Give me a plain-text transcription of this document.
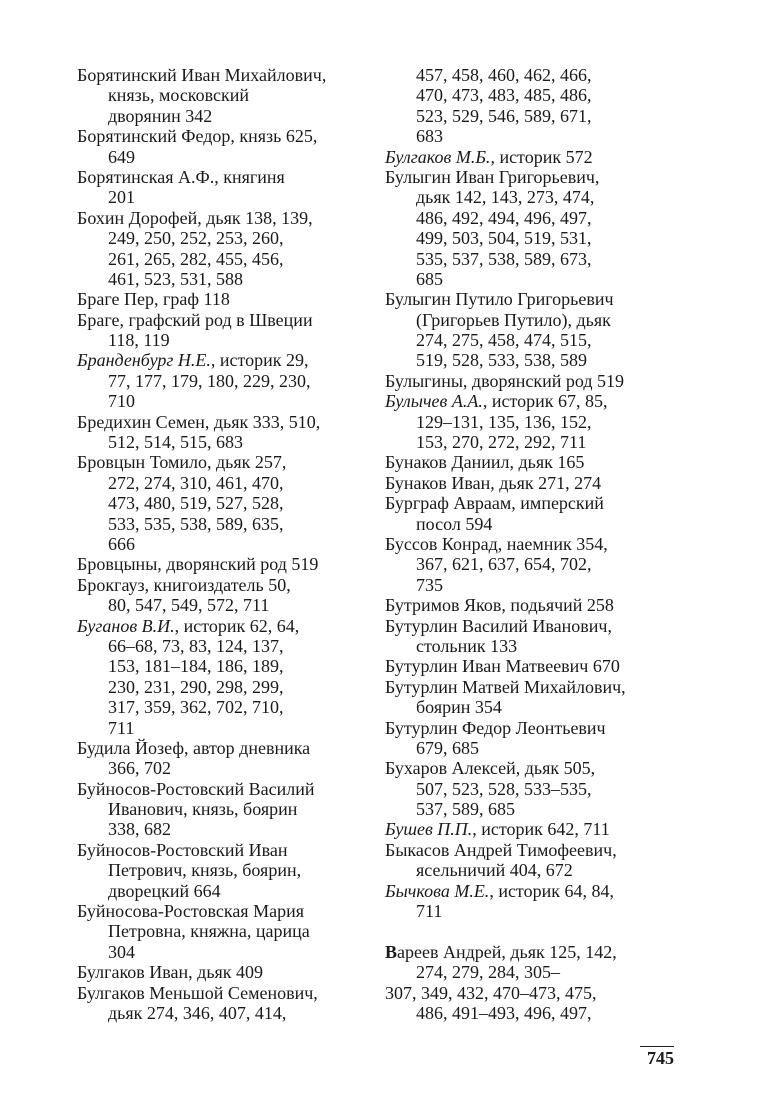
Борятинский Иван Михайлович,
князь, московский
дворянин 342
Борятинский Федор, князь 625,
649
Борятинская А.Ф., княгиня
201
Бохин Дорофей, дьяк 138, 139,
249, 250, 252, 253, 260,
261, 265, 282, 455, 456,
461, 523, 531, 588
Браге Пер, граф 118
Браге, графский род в Швеции
118, 119
Бранденбург Н.Е., историк 29,
77, 177, 179, 180, 229, 230,
710
Бредихин Семен, дьяк 333, 510,
512, 514, 515, 683
Бровцын Томило, дьяк 257,
272, 274, 310, 461, 470,
473, 480, 519, 527, 528,
533, 535, 538, 589, 635,
666
Бровцыны, дворянский род 519
Брокгауз, книгоиздатель 50,
80, 547, 549, 572, 711
Буганов В.И., историк 62, 64,
66–68, 73, 83, 124, 137,
153, 181–184, 186, 189,
230, 231, 290, 298, 299,
317, 359, 362, 702, 710,
711
Будила Йозеф, автор дневника
366, 702
Буйносов-Ростовский Василий
Иванович, князь, боярин
338, 682
Буйносов-Ростовский Иван
Петрович, князь, боярин,
дворецкий 664
Буйносова-Ростовская Мария
Петровна, княжна, царица
304
Булгаков Иван, дьяк 409
Булгаков Меньшой Семенович,
дьяк 274, 346, 407, 414,
457, 458, 460, 462, 466,
470, 473, 483, 485, 486,
523, 529, 546, 589, 671,
683
Булгаков М.Б., историк 572
Булыгин Иван Григорьевич,
дьяк 142, 143, 273, 474,
486, 492, 494, 496, 497,
499, 503, 504, 519, 531,
535, 537, 538, 589, 673,
685
Булыгин Путило Григорьевич
(Григорьев Путило), дьяк
274, 275, 458, 474, 515,
519, 528, 533, 538, 589
Булыгины, дворянский род 519
Булычев А.А., историк 67, 85,
129–131, 135, 136, 152,
153, 270, 272, 292, 711
Бунаков Даниил, дьяк 165
Бунаков Иван, дьяк 271, 274
Бурграф Авраам, имперский
посол 594
Буссов Конрад, наемник 354,
367, 621, 637, 654, 702,
735
Бутримов Яков, подьячий 258
Бутурлин Василий Иванович,
стольник 133
Бутурлин Иван Матвеевич 670
Бутурлин Матвей Михайлович,
боярин 354
Бутурлин Федор Леонтьевич
679, 685
Бухаров Алексей, дьяк 505,
507, 523, 528, 533–535,
537, 589, 685
Бушев П.П., историк 642, 711
Быкасов Андрей Тимофеевич,
ясельничий 404, 672
Бычкова М.Е., историк 64, 84,
711
Вареев Андрей, дьяк 125, 142,
274, 279, 284, 305–
307, 349, 432, 470–473, 475,
486, 491–493, 496, 497,
745
